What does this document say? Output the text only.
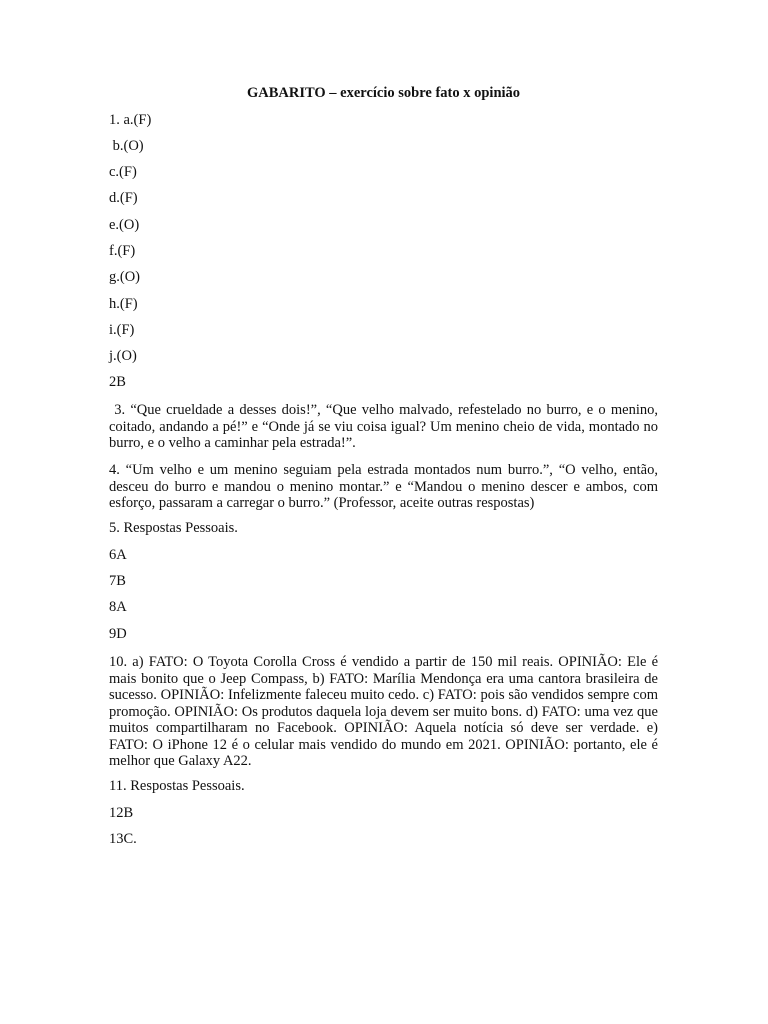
GABARITO – exercício sobre fato x opinião
1. a.(F)
b.(O)
c.(F)
d.(F)
e.(O)
f.(F)
g.(O)
h.(F)
i.(F)
j.(O)
2B
3. “Que crueldade a desses dois!”, “Que velho malvado, refestelado no burro, e o menino, coitado, andando a pé!” e “Onde já se viu coisa igual? Um menino cheio de vida, montado no burro, e o velho a caminhar pela estrada!”.
4. “Um velho e um menino seguiam pela estrada montados num burro.”, “O velho, então, desceu do burro e mandou o menino montar.” e “Mandou o menino descer e ambos, com esforço, passaram a carregar o burro.” (Professor, aceite outras respostas)
5. Respostas Pessoais.
6A
7B
8A
9D
10. a) FATO: O Toyota Corolla Cross é vendido a partir de 150 mil reais. OPINIÃO: Ele é mais bonito que o Jeep Compass, b) FATO: Marília Mendonça era uma cantora brasileira de sucesso. OPINIÃO: Infelizmente faleceu muito cedo. c) FATO: pois são vendidos sempre com promoção. OPINIÃO: Os produtos daquela loja devem ser muito bons. d) FATO: uma vez que muitos compartilharam no Facebook. OPINIÃO: Aquela notícia só deve ser verdade. e) FATO: O iPhone 12 é o celular mais vendido do mundo em 2021. OPINIÃO: portanto, ele é melhor que Galaxy A22.
11. Respostas Pessoais.
12B
13C.
